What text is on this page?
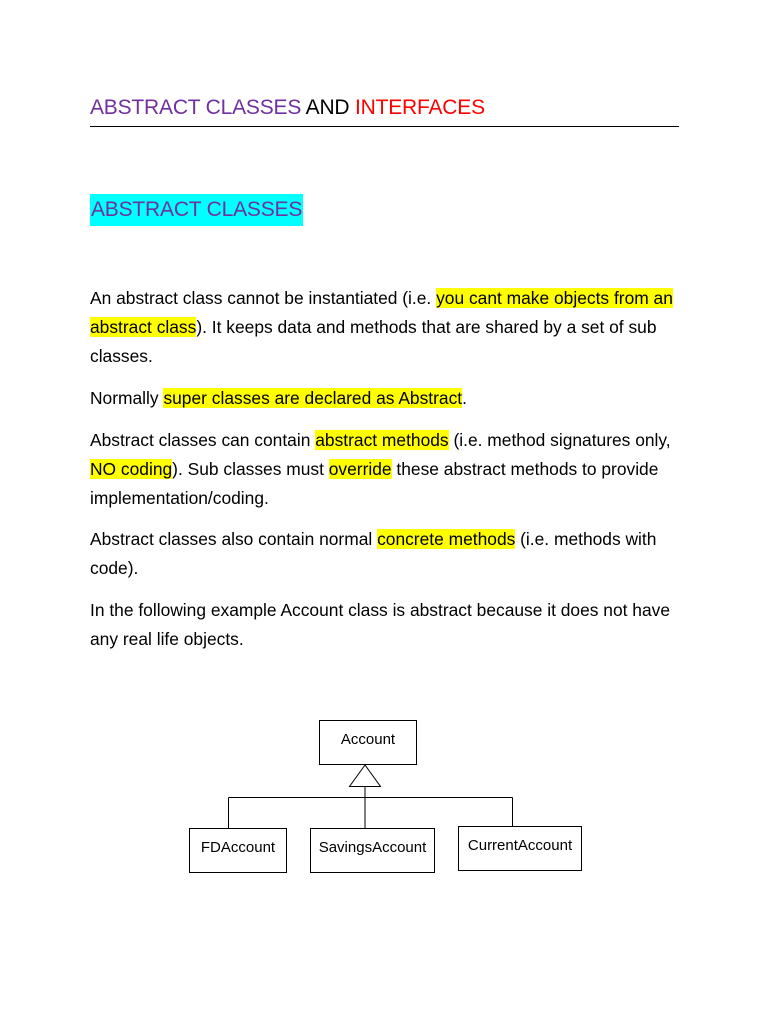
ABSTRACT CLASSES AND INTERFACES
ABSTRACT CLASSES

An abstract class cannot be instantiated (i.e. you cant make objects from an abstract class). It keeps data and methods that are shared by a set of sub classes.

Normally super classes are declared as Abstract.

Abstract classes can contain abstract methods (i.e. method signatures only, NO coding). Sub classes must override these abstract methods to provide implementation/coding.

Abstract classes also contain normal concrete methods (i.e. methods with code).

In the following example Account class is abstract because it does not have any real life objects.

Account
FDAccount	SavingsAccount	CurrentAccount
